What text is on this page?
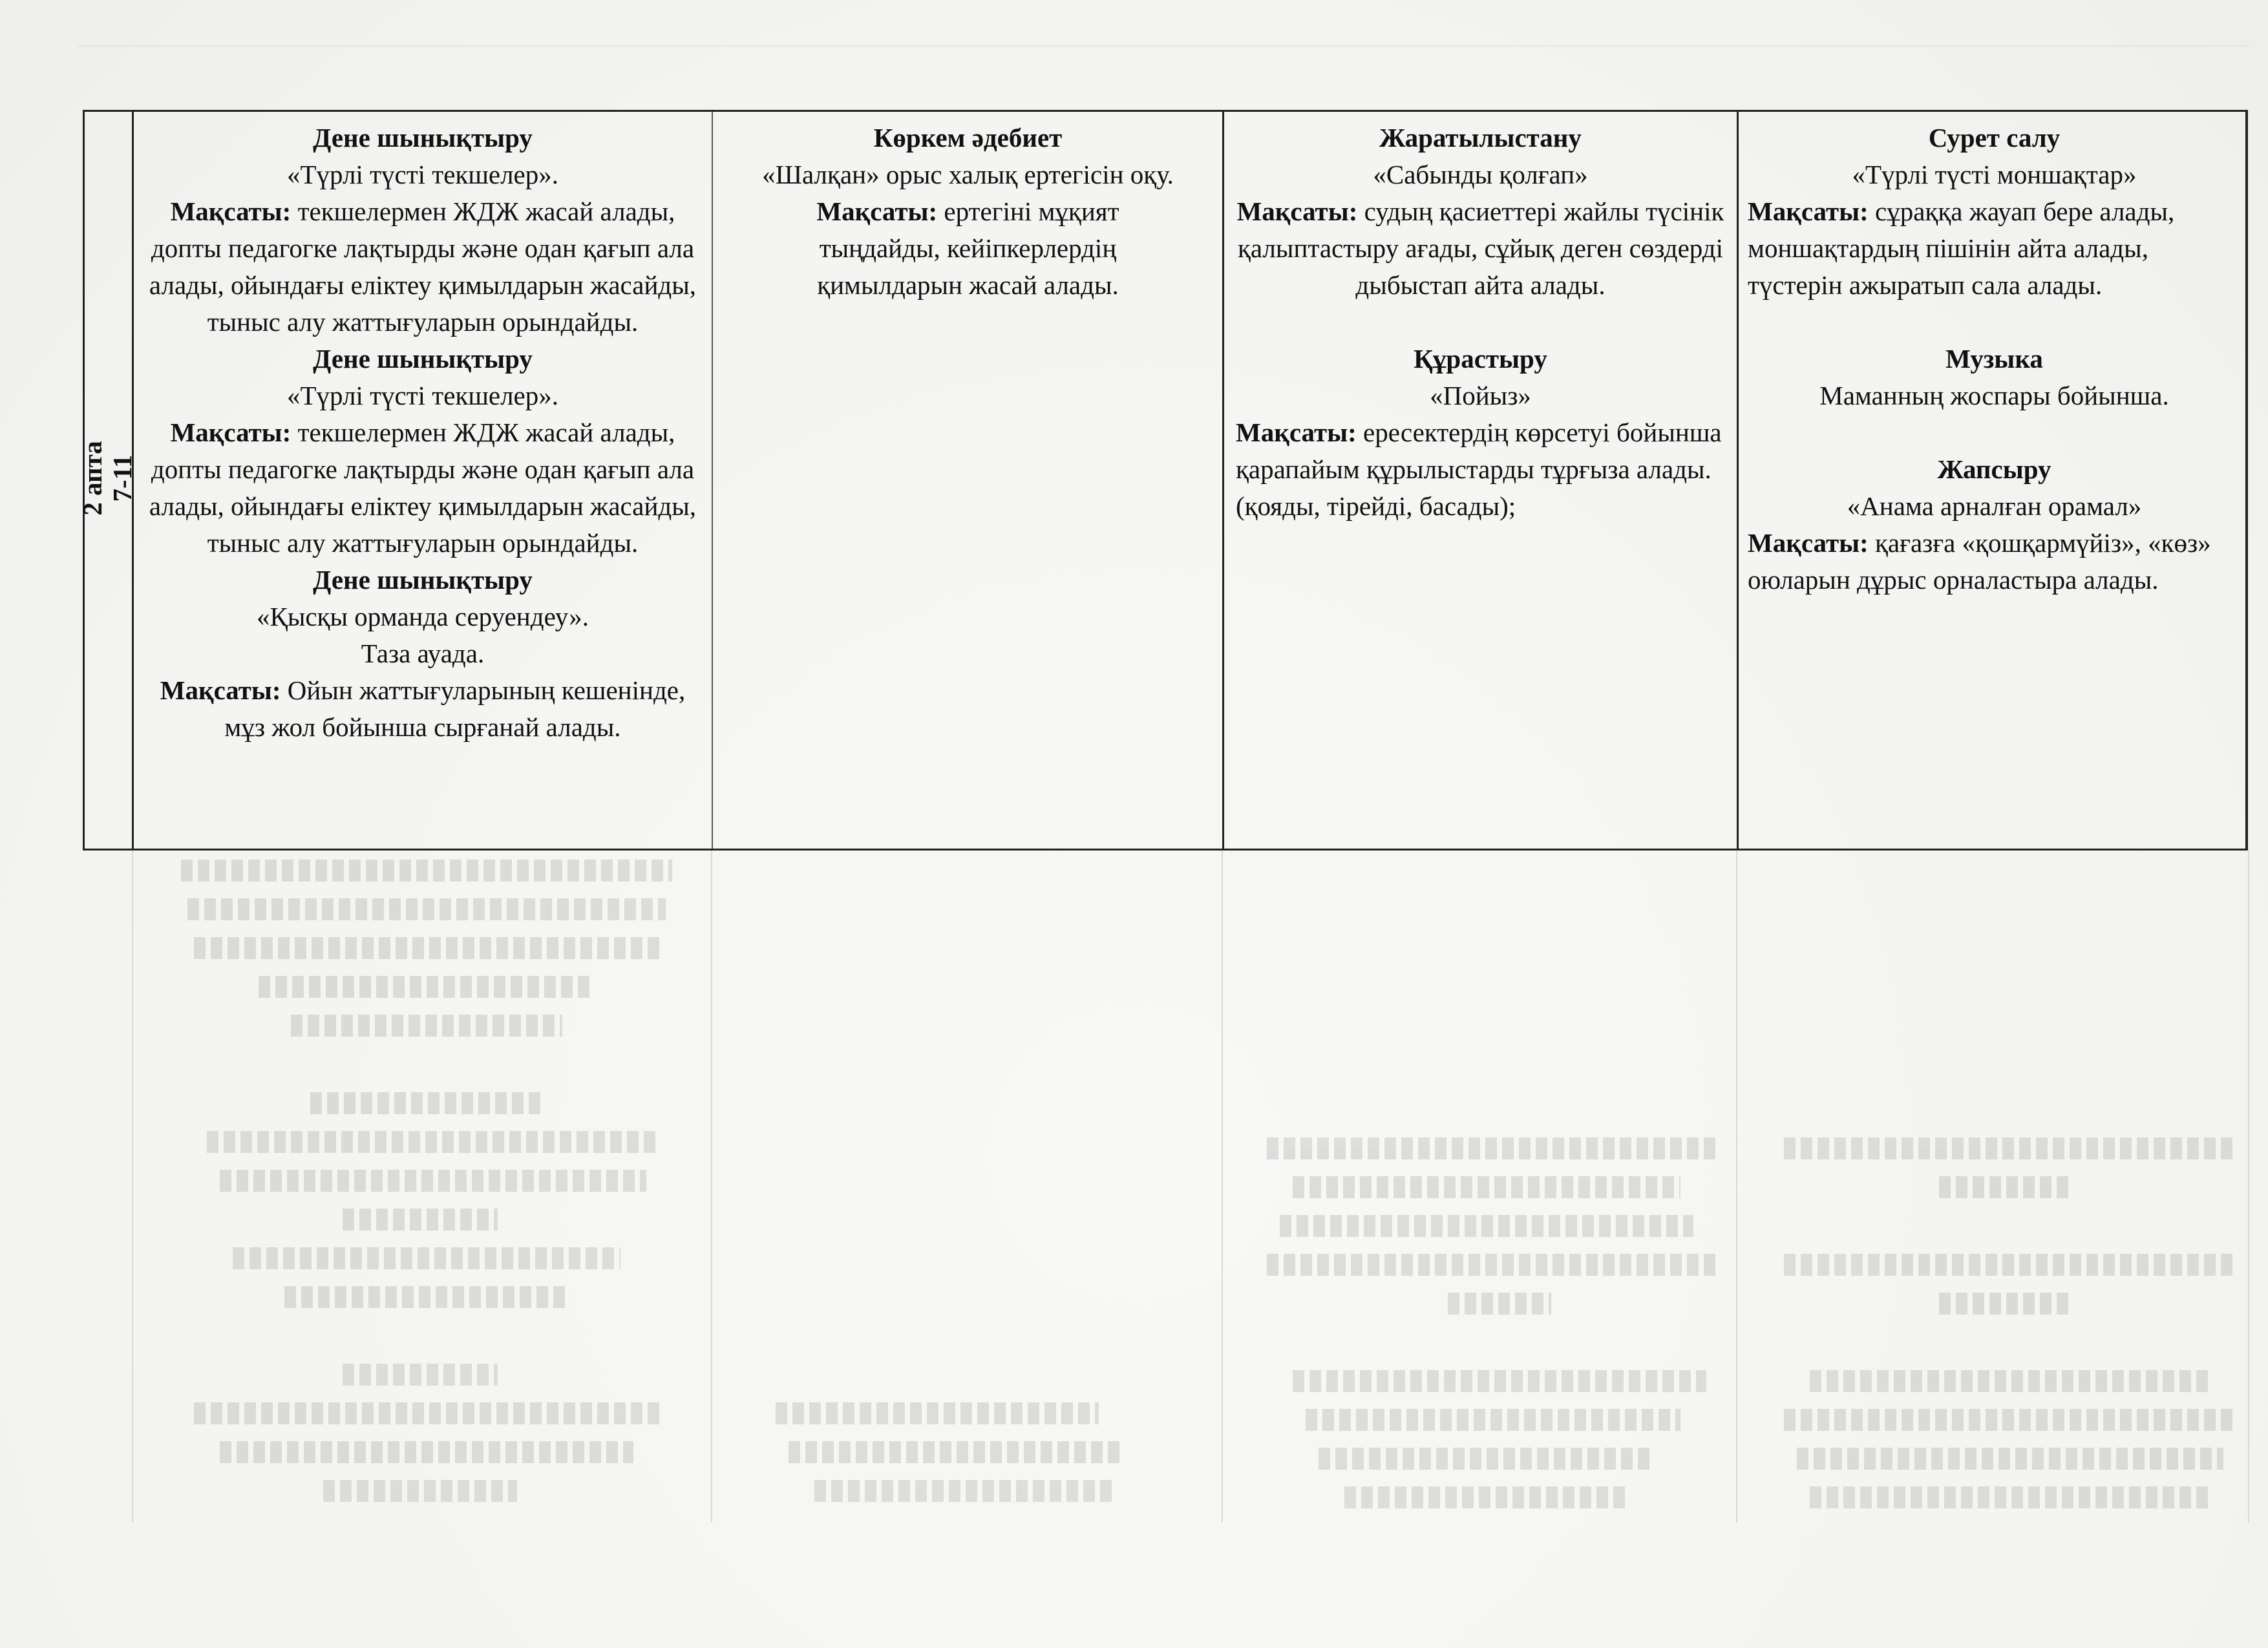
Дене шынықтыру

«Түрлі түсті текшелер».

Мақсаты: текшелермен ЖДЖ жасай алады, допты педагогке лақтырды және одан қағып ала алады, ойындағы еліктеу қимылдарын жасайды, тыныс алу жаттығуларын орындайды.

Дене шынықтыру

«Түрлі түсті текшелер».

Мақсаты: текшелермен ЖДЖ жасай алады, допты педагогке лақтырды және одан қағып ала алады, ойындағы еліктеу қимылдарын жасайды, тыныс алу жаттығуларын орындайды.

Дене шынықтыру

«Қысқы орманда серуендеу».

Таза ауада.

Мақсаты: Ойын жаттығуларының кешенінде, мұз жол бойынша сырғанай алады.

Көркем әдебиет

«Шалқан» орыс халық ертегісін оқу.

Мақсаты: ертегіні мұқият тыңдайды, кейіпкерлердің қимылдарын жасай алады.

Жаратылыстану

«Сабынды қолғап»

Мақсаты: судың қасиеттері жайлы түсінік қалыптастыру ағады, сұйық деген сөздерді дыбыстап айта алады.

Құрастыру

«Пойыз»

Мақсаты: ересектердің көрсетуі бойынша қарапайым құрылыстарды тұрғыза алады. (қояды, тірейді, басады);

Сурет салу

«Түрлі түсті моншақтар»

Мақсаты: сұраққа жауап бере алады, моншақтардың пішінін айта алады, түстерін ажыратып сала алады.

Музыка

Маманның жоспары бойынша.

Жапсыру

«Анама арналған орамал»

Мақсаты: қағазға «қошқармүйіз», «көз» оюларын дұрыс орналастыра алады.

2 апта 7-11
